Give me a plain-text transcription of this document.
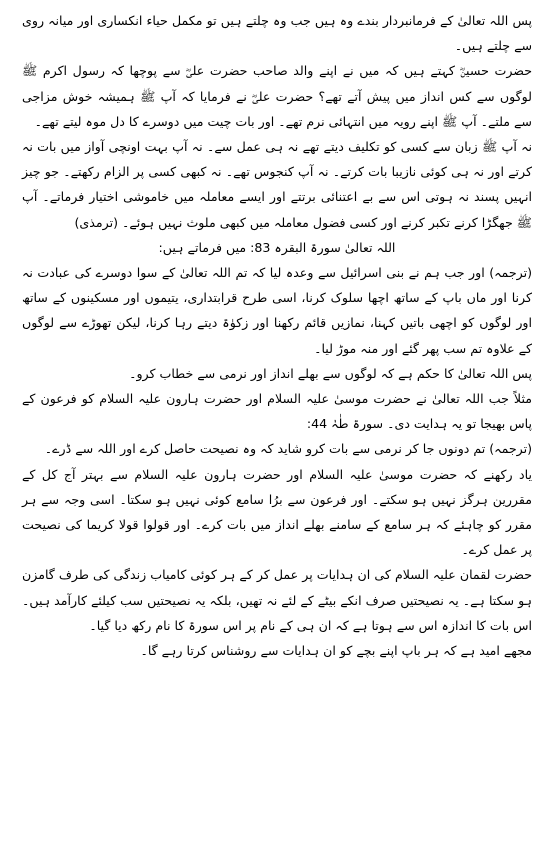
پس اللہ تعالیٰ کے فرمانبردار بندے وہ ہیں جب وہ چلتے ہیں تو مکمل حیاء انکساری اور میانہ روی سے چلتے ہیں۔

حضرت حسینؓ کہتے ہیں کہ میں نے اپنے والد صاحب حضرت علیؓ سے پوچھا کہ رسول اکرم ﷺ لوگوں سے کس انداز میں پیش آتے تھے؟ حضرت علیؓ نے فرمایا کہ آپ ﷺ ہمیشہ خوش مزاجی سے ملتے۔ آپ ﷺ اپنے رویہ میں انتہائی نرم تھے۔ اور بات چیت میں دوسرے کا دل موہ لیتے تھے۔

نہ آپ ﷺ زبان سے کسی کو تکلیف دیتے تھے نہ ہی عمل سے۔ نہ آپ بہت اونچی آواز میں بات نہ کرتے اور نہ ہی کوئی نازیبا بات کرتے۔ نہ آپ کنجوس تھے۔ نہ کبھی کسی پر الزام رکھتے۔ جو چیز انہیں پسند نہ ہوتی اس سے بے اعتنائی برتتے اور ایسے معاملہ میں خاموشی اختیار فرماتے۔ آپ ﷺ جھگڑا کرنے تکبر کرنے اور کسی فضول معاملہ میں کبھی ملوث نہیں ہوئے۔ (ترمذی)

اللہ تعالیٰ سورۃ البقرہ 83: میں فرماتے ہیں:

(ترجمہ) اور جب ہم نے بنی اسرائیل سے وعدہ لیا کہ تم اللہ تعالیٰ کے سوا دوسرے کی عبادت نہ کرنا اور ماں باپ کے ساتھ اچھا سلوک کرنا، اسی طرح قرابتداری، یتیموں اور مسکینوں کے ساتھ اور لوگوں کو اچھی باتیں کہنا، نمازیں قائم رکھنا اور زکوٰۃ دیتے رہا کرنا، لیکن تھوڑے سے لوگوں کے علاوہ تم سب پھر گئے اور منہ موڑ لیا۔

پس اللہ تعالیٰ کا حکم ہے کہ لوگوں سے بھلے انداز اور نرمی سے خطاب کرو۔

مثلاً جب اللہ تعالیٰ نے حضرت موسیٰ علیہ السلام اور حضرت ہارون علیہ السلام کو فرعون کے پاس بھیجا تو یہ ہدایت دی۔ سورۃ طٰہٰ 44:

(ترجمہ) تم دونوں جا کر نرمی سے بات کرو شاید کہ وہ نصیحت حاصل کرے اور اللہ سے ڈرے۔

یاد رکھنے کہ حضرت موسیٰ علیہ السلام اور حضرت ہارون علیہ السلام سے بہتر آج کل کے مقررین ہرگز نہیں ہو سکتے۔ اور فرعون سے برُا سامع کوئی نہیں ہو سکتا۔ اسی وجہ سے ہر مقرر کو چاہئے کہ ہر سامع کے سامنے بھلے انداز میں بات کرے۔ اور قولوا قولا کریما کی نصیحت پر عمل کرے۔

حضرت لقمان علیہ السلام کی ان ہدایات پر عمل کر کے ہر کوئی کامیاب زندگی کی طرف گامزن ہو سکتا ہے۔ یہ نصیحتیں صرف انکے بیٹے کے لئے نہ تھیں، بلکہ یہ نصیحتیں سب کیلئے کارآمد ہیں۔ اس بات کا اندازہ اس سے ہوتا ہے کہ ان ہی کے نام پر اس سورۃ کا نام رکھ دیا گیا۔

مجھے امید ہے کہ ہر باپ اپنے بچے کو ان ہدایات سے روشناس کرتا رہے گا۔
